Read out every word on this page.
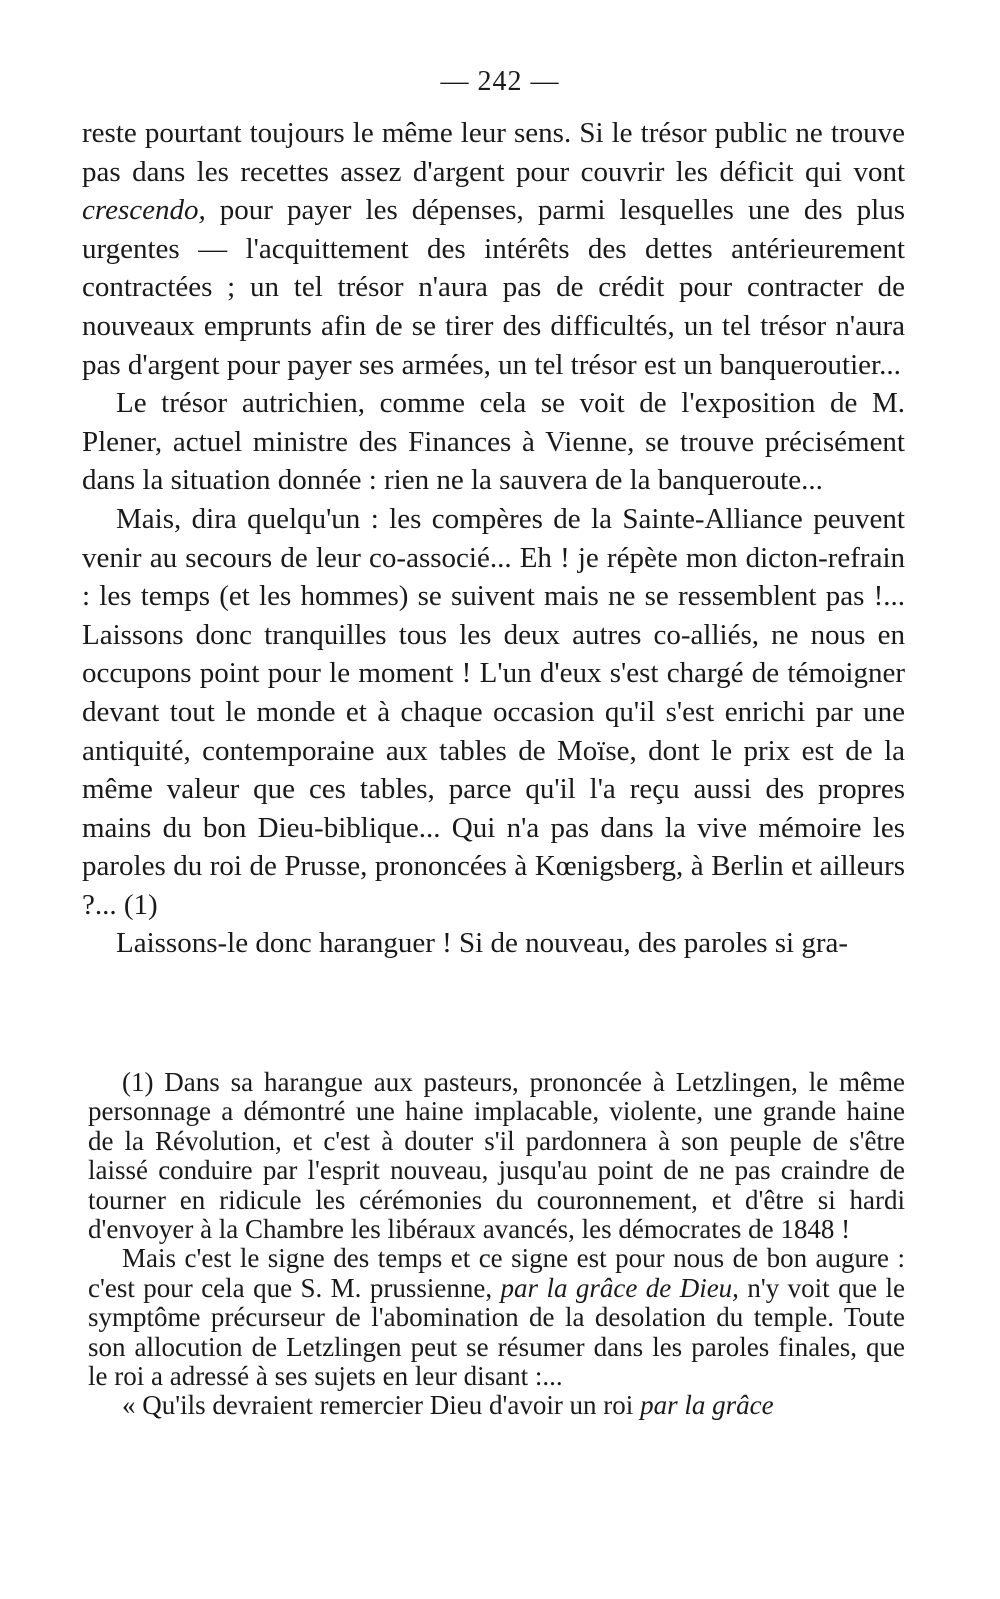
— 242 —

reste pourtant toujours le même leur sens. Si le trésor public ne trouve pas dans les recettes assez d'argent pour couvrir les déficit qui vont crescendo, pour payer les dépenses, parmi lesquelles une des plus urgentes — l'acquittement des intérêts des dettes antérieurement contractées ; un tel trésor n'aura pas de crédit pour contracter de nouveaux emprunts afin de se tirer des difficultés, un tel trésor n'aura pas d'argent pour payer ses armées, un tel trésor est un banqueroutier...

Le trésor autrichien, comme cela se voit de l'exposition de M. Plener, actuel ministre des Finances à Vienne, se trouve précisément dans la situation donnée : rien ne la sauvera de la banqueroute...

Mais, dira quelqu'un : les compères de la Sainte-Alliance peuvent venir au secours de leur co-associé... Eh ! je répète mon dicton-refrain : les temps (et les hommes) se suivent mais ne se ressemblent pas !... Laissons donc tranquilles tous les deux autres co-alliés, ne nous en occupons point pour le moment ! L'un d'eux s'est chargé de témoigner devant tout le monde et à chaque occasion qu'il s'est enrichi par une antiquité, contemporaine aux tables de Moïse, dont le prix est de la même valeur que ces tables, parce qu'il l'a reçu aussi des propres mains du bon Dieu-biblique... Qui n'a pas dans la vive mémoire les paroles du roi de Prusse, prononcées à Kœnigsberg, à Berlin et ailleurs ?... (1)

Laissons-le donc haranguer ! Si de nouveau, des paroles si gra-

(1) Dans sa harangue aux pasteurs, prononcée à Letzlingen, le même personnage a démontré une haine implacable, violente, une grande haine de la Révolution, et c'est à douter s'il pardonnera à son peuple de s'être laissé conduire par l'esprit nouveau, jusqu'au point de ne pas craindre de tourner en ridicule les cérémonies du couronnement, et d'être si hardi d'envoyer à la Chambre les libéraux avancés, les démocrates de 1848 !

Mais c'est le signe des temps et ce signe est pour nous de bon augure : c'est pour cela que S. M. prussienne, par la grâce de Dieu, n'y voit que le symptôme précurseur de l'abomination de la desolation du temple. Toute son allocution de Letzlingen peut se résumer dans les paroles finales, que le roi a adressé à ses sujets en leur disant :...

« Qu'ils devraient remercier Dieu d'avoir un roi par la grâce
